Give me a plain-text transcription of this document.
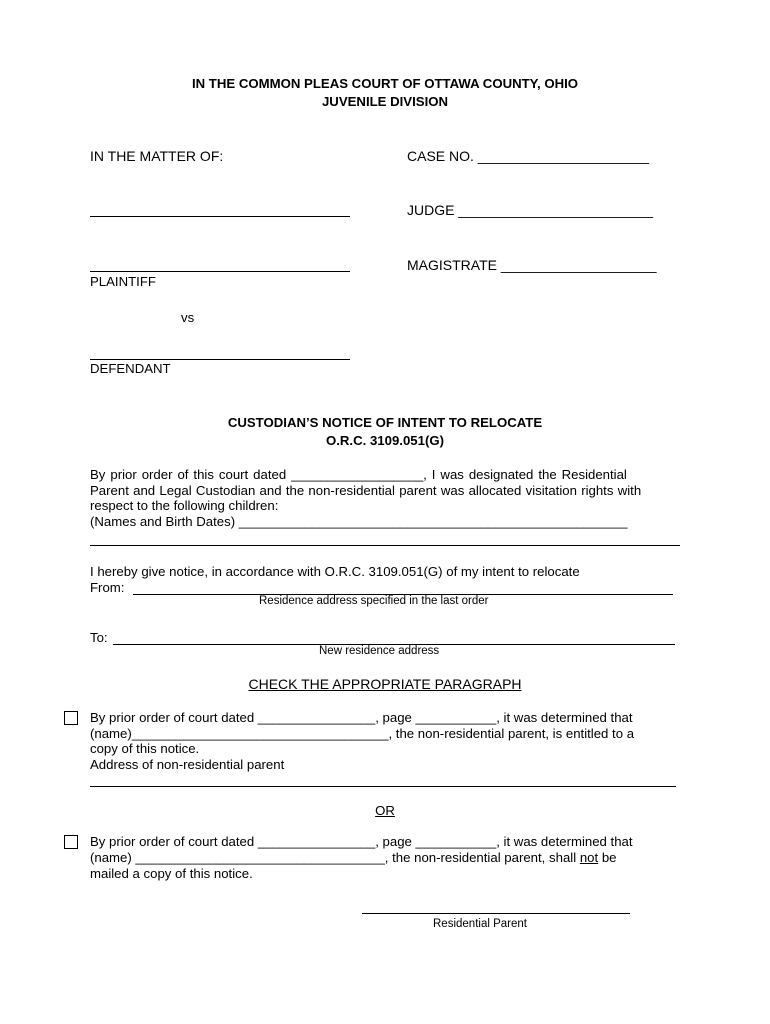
IN THE COMMON PLEAS COURT OF OTTAWA COUNTY, OHIO
JUVENILE DIVISION
IN THE MATTER OF:
PLAINTIFF
vs
DEFENDANT
CASE NO. ______________________
JUDGE _________________________
MAGISTRATE ____________________
CUSTODIAN’S NOTICE OF INTENT TO RELOCATE
O.R.C. 3109.051(G)
By prior order of this court dated __________________, I was designated the Residential
Parent and Legal Custodian and the non-residential parent was allocated visitation rights with
respect to the following children:
(Names and Birth Dates) _____________________________________________________
I hereby give notice, in accordance with O.R.C. 3109.051(G) of my intent to relocate
From:
Residence address specified in the last order
To:
New residence address
CHECK THE APPROPRIATE PARAGRAPH
By prior order of court dated ________________, page ___________, it was determined that
(name)___________________________________, the non-residential parent, is entitled to a
copy of this notice.
Address of non-residential parent
OR
By prior order of court dated ________________, page ___________, it was determined that
(name) __________________________________, the non-residential parent, shall not be
mailed a copy of this notice.
Residential Parent
